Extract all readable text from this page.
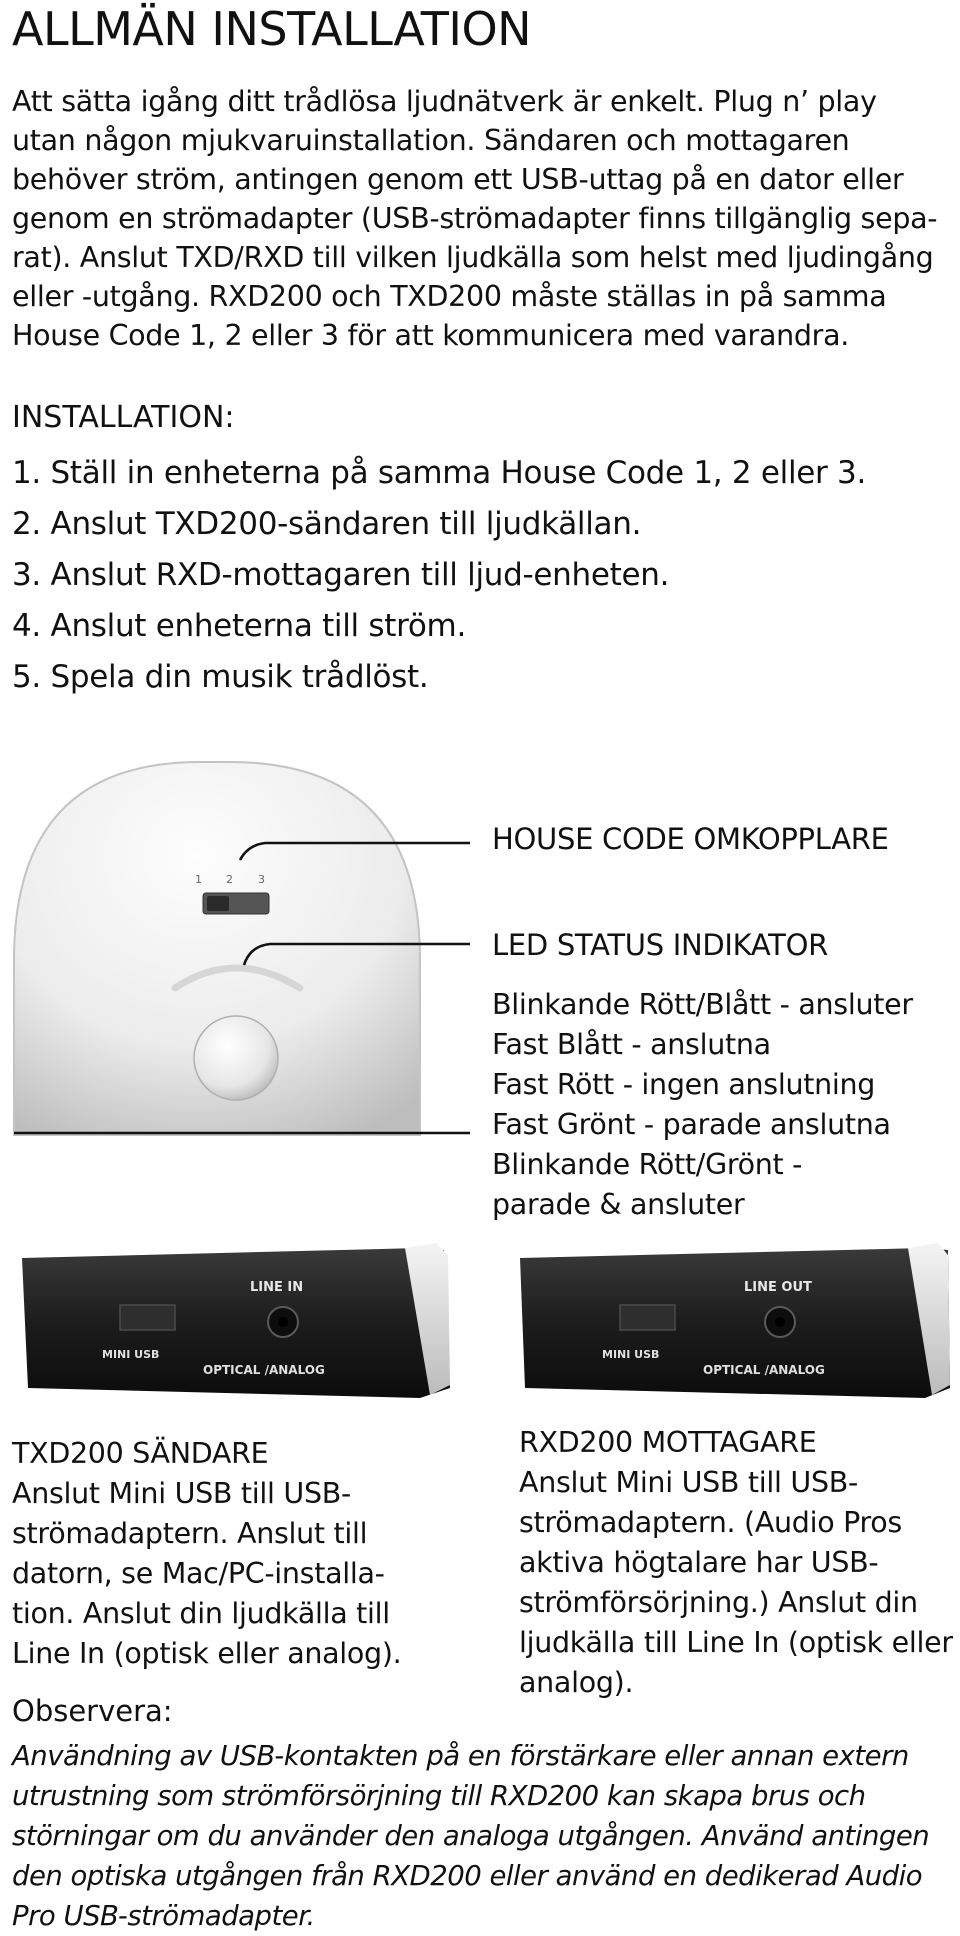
ALLMÄN INSTALLATION

Att sätta igång ditt trådlösa ljudnätverk är enkelt. Plug n’ play
utan någon mjukvaruinstallation. Sändaren och mottagaren
behöver ström, antingen genom ett USB-uttag på en dator eller
genom en strömadapter (USB-strömadapter finns tillgänglig sepa-
rat). Anslut TXD/RXD till vilken ljudkälla som helst med ljudingång
eller -utgång. RXD200 och TXD200 måste ställas in på samma
House Code 1, 2 eller 3 för att kommunicera med varandra.

INSTALLATION:
1. Ställ in enheterna på samma House Code 1, 2 eller 3.
2. Anslut TXD200-sändaren till ljudkällan.
3. Anslut RXD-mottagaren till ljud-enheten.
4. Anslut enheterna till ström.
5. Spela din musik trådlöst.
1 2 3
LINE IN
MINI USB
OPTICAL /ANALOG
LINE OUT
MINI USB
OPTICAL /ANALOG
HOUSE CODE OMKOPPLARE
LED STATUS INDIKATOR
Blinkande Rött/Blått - ansluter
Fast Blått - anslutna
Fast Rött - ingen anslutning
Fast Grönt - parade anslutna
Blinkande Rött/Grönt -
parade & ansluter
TXD200 SÄNDARE
Anslut Mini USB till USB-
strömadaptern. Anslut till
datorn, se Mac/PC-installa-
tion. Anslut din ljudkälla till
Line In (optisk eller analog).
RXD200 MOTTAGARE
Anslut Mini USB till USB-
strömadaptern. (Audio Pros
aktiva högtalare har USB-
strömförsörjning.) Anslut din
ljudkälla till Line In (optisk eller
analog).
Observera:

Användning av USB-kontakten på en förstärkare eller annan extern
utrustning som strömförsörjning till RXD200 kan skapa brus och
störningar om du använder den analoga utgången. Använd antingen
den optiska utgången från RXD200 eller använd en dedikerad Audio
Pro USB-strömadapter.
